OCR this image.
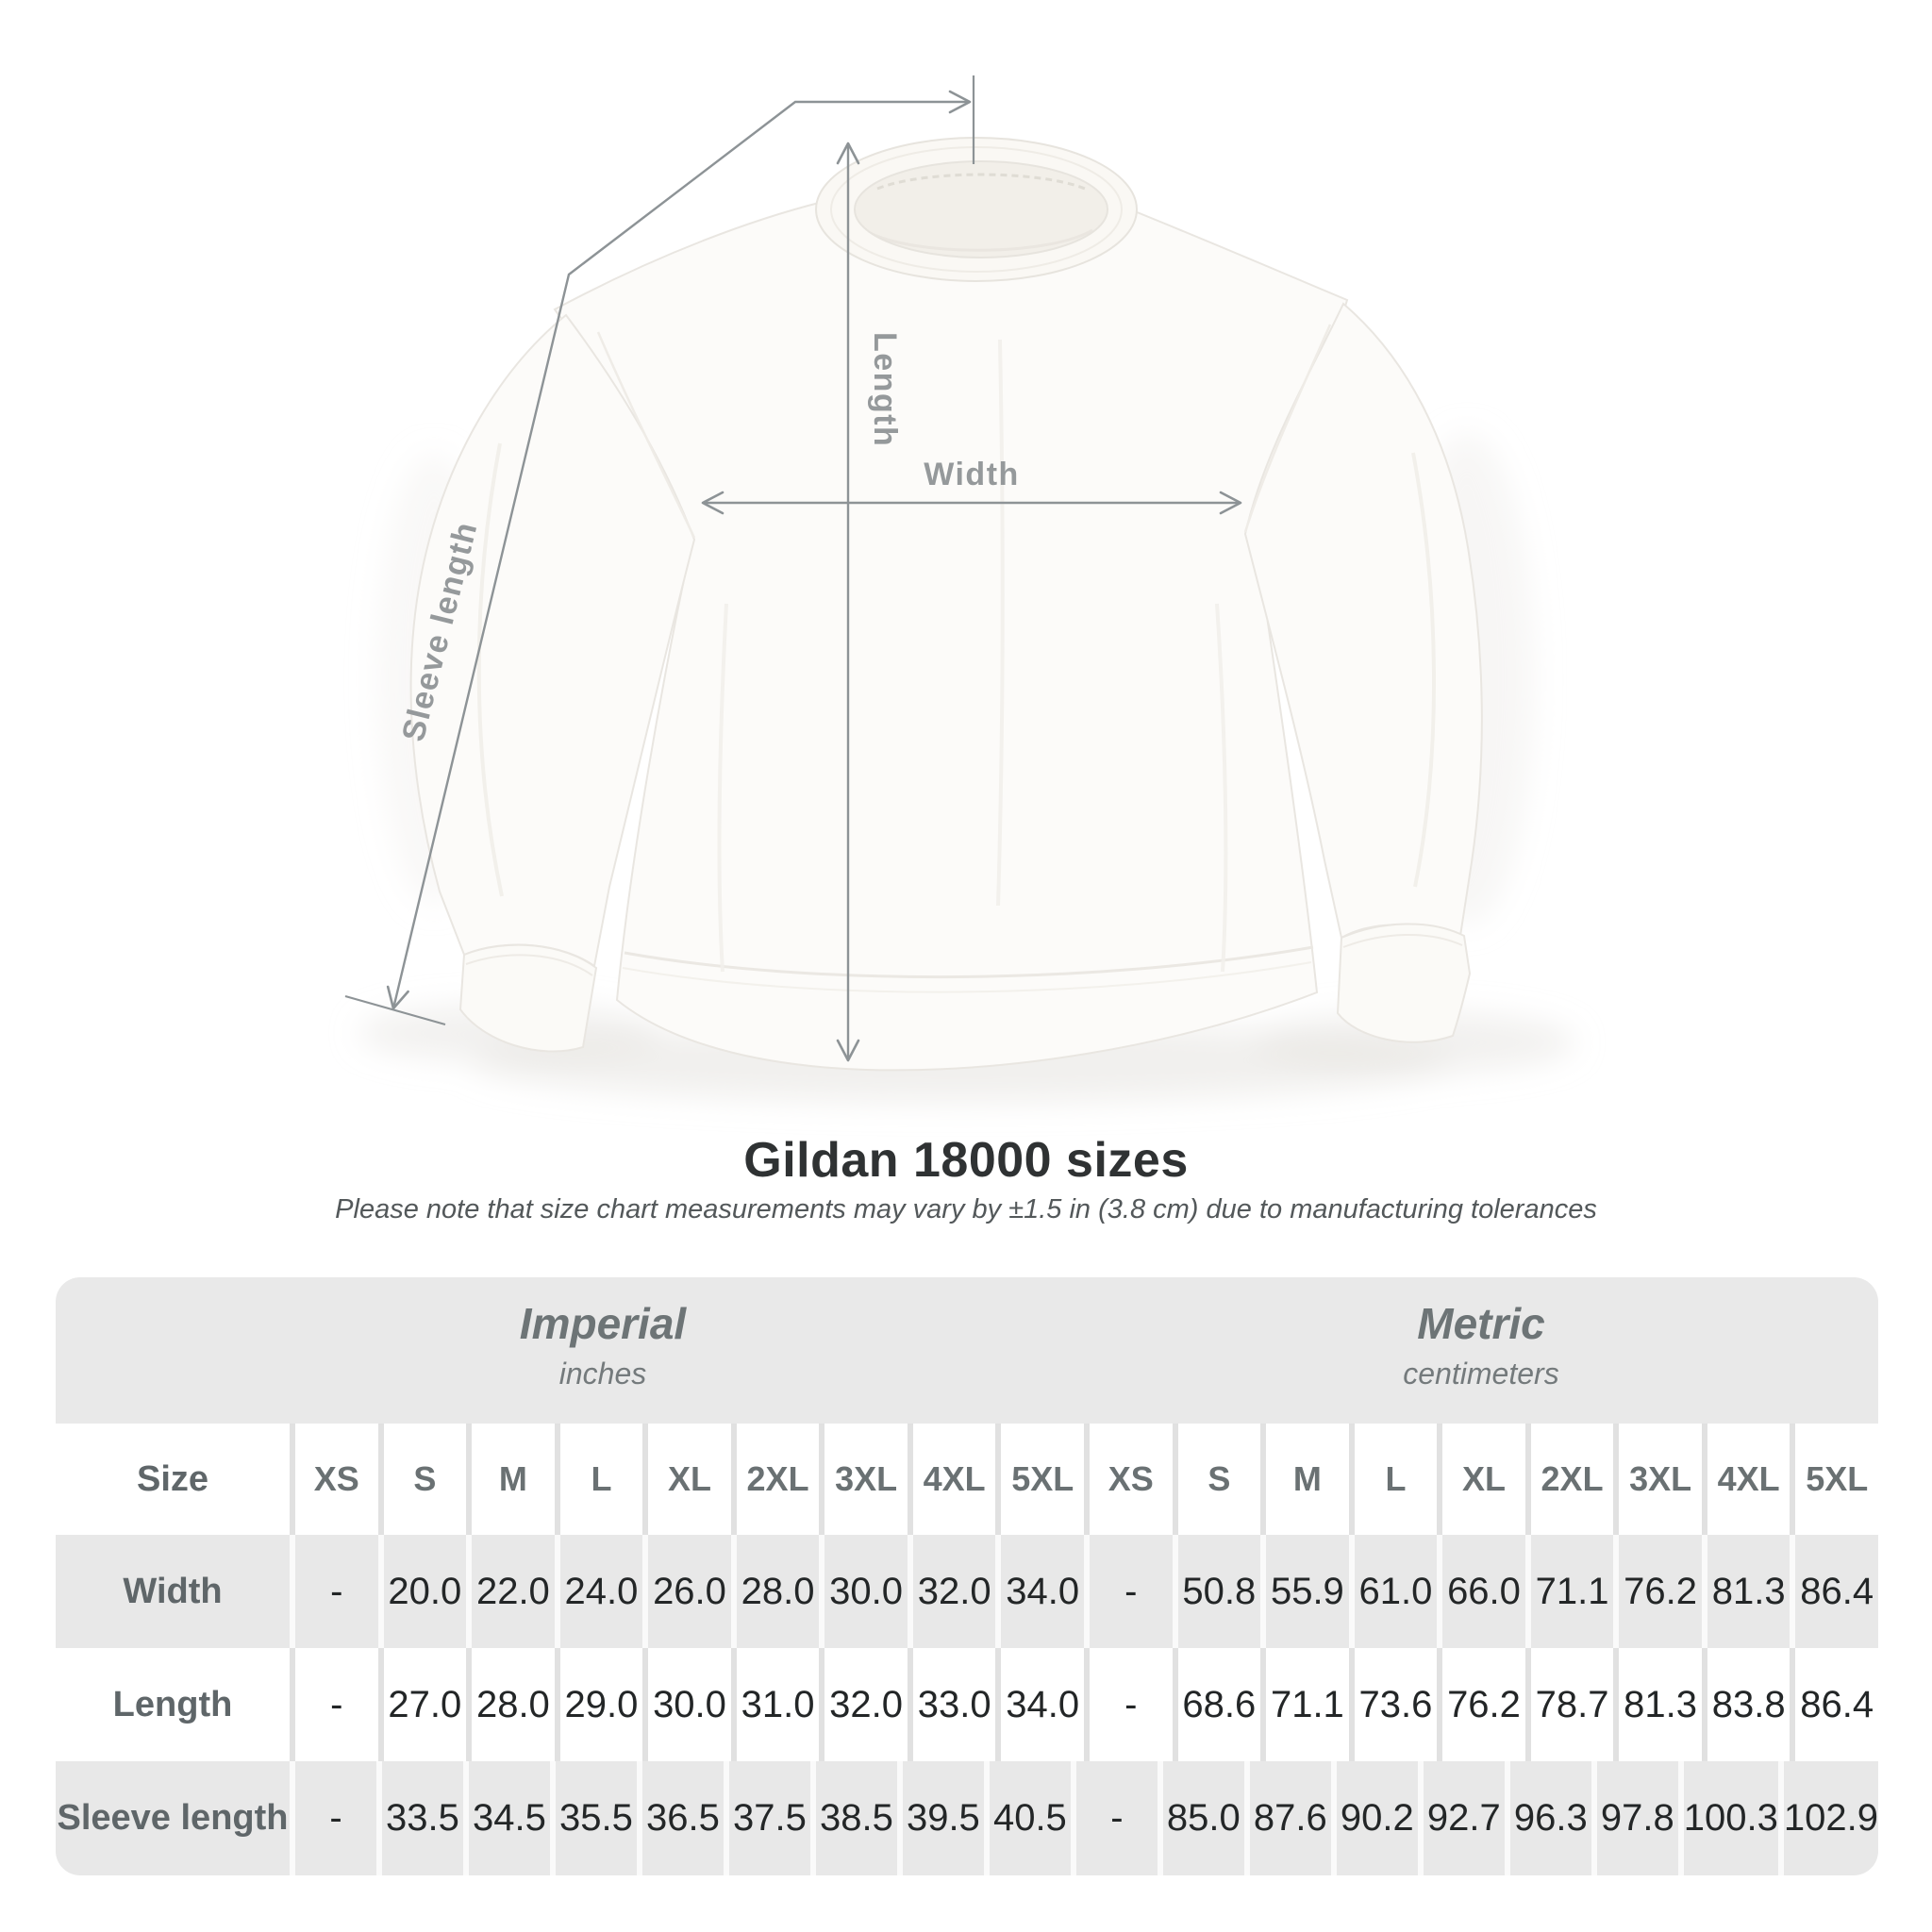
Width
Length
Sleeve length
Gildan 18000 sizes
Please note that size chart measurements may vary by ±1.5 in (3.8 cm) due to manufacturing tolerances
Imperial
inches
Metric
centimeters
Size	XS	S	M	L	XL	2XL 3XL 4XL 5XL	XS	S	M	L	XL	2XL 3XL 4XL 5XL
Width	-	20.0 22.0 24.0 26.0 28.0 30.0 32.0 34.0	-	50.8 55.9 61.0 66.0 71.1 76.2 81.3 86.4
Length	-	27.0 28.0 29.0 30.0 31.0 32.0 33.0 34.0	-	68.6 71.1 73.6 76.2 78.7 81.3 83.8 86.4
Sleeve length	-	33.5 34.5 35.5 36.5 37.5 38.5 39.5 40.5	-	85.0 87.6 90.2 92.7 96.3 97.8 100.3 102.9
